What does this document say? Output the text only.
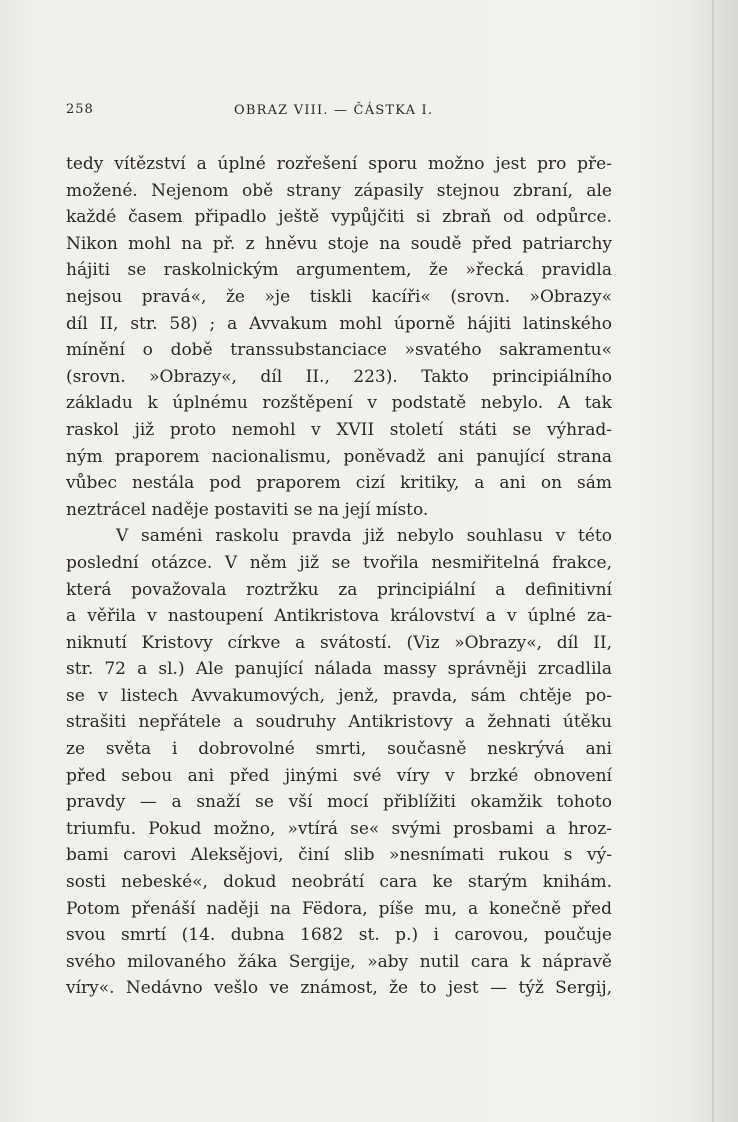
258	OBRAZ VIII. — ČÁSTKA I.
tedy vítězství a úplné rozřešení sporu možno jest pro pře-
možené. Nejenom obě strany zápasily stejnou zbraní, ale
každé časem připadlo ještě vypůjčiti si zbraň od odpůrce.
Nikon mohl na př. z hněvu stoje na soudě před patriarchy
hájiti se raskolnickým argumentem, že »řecká pravidla
nejsou pravá«, že »je tiskli kacíři« (srovn. »Obrazy«
díl II, str. 58) ; a Avvakum mohl úporně hájiti latinského
mínění o době transsubstanciace »svatého sakramentu«
(srovn. »Obrazy«, díl II., 223). Takto principiálního
základu k úplnému rozštěpení v podstatě nebylo. A tak
raskol již proto nemohl v XVII století státi se výhrad-
ným praporem nacionalismu, poněvadž ani panující strana
vůbec nestála pod praporem cizí kritiky, a ani on sám
neztrácel naděje postaviti se na její místo.
V saméni raskolu pravda již nebylo souhlasu v této
poslední otázce. V něm již se tvořila nesmiřitelná frakce,
která považovala roztržku za principiální a definitivní
a věřila v nastoupení Antikristova království a v úplné za-
niknutí Kristovy církve a svátostí. (Viz »Obrazy«, díl II,
str. 72 a sl.) Ale panující nálada massy správněji zrcadlila
se v listech Avvakumových, jenž, pravda, sám chtěje po-
strašiti nepřátele a soudruhy Antikristovy a žehnati útěku
ze světa i dobrovolné smrti, současně neskrývá ani
před sebou ani před jinými své víry v brzké obnovení
pravdy — a snaží se vší mocí přiblížiti okamžik tohoto
triumfu. Pokud možno, »vtírá se« svými prosbami a hroz-
bami carovi Aleksějovi, činí slib »nesnímati rukou s vý-
sosti nebeské«, dokud neobrátí cara ke starým knihám.
Potom přenáší naději na Fëdora, píše mu, a konečně před
svou smrtí (14. dubna 1682 st. p.) i carovou, poučuje
svého milovaného žáka Sergije, »aby nutil cara k nápravě
víry«. Nedávno vešlo ve známost, že to jest — týž Sergij,
